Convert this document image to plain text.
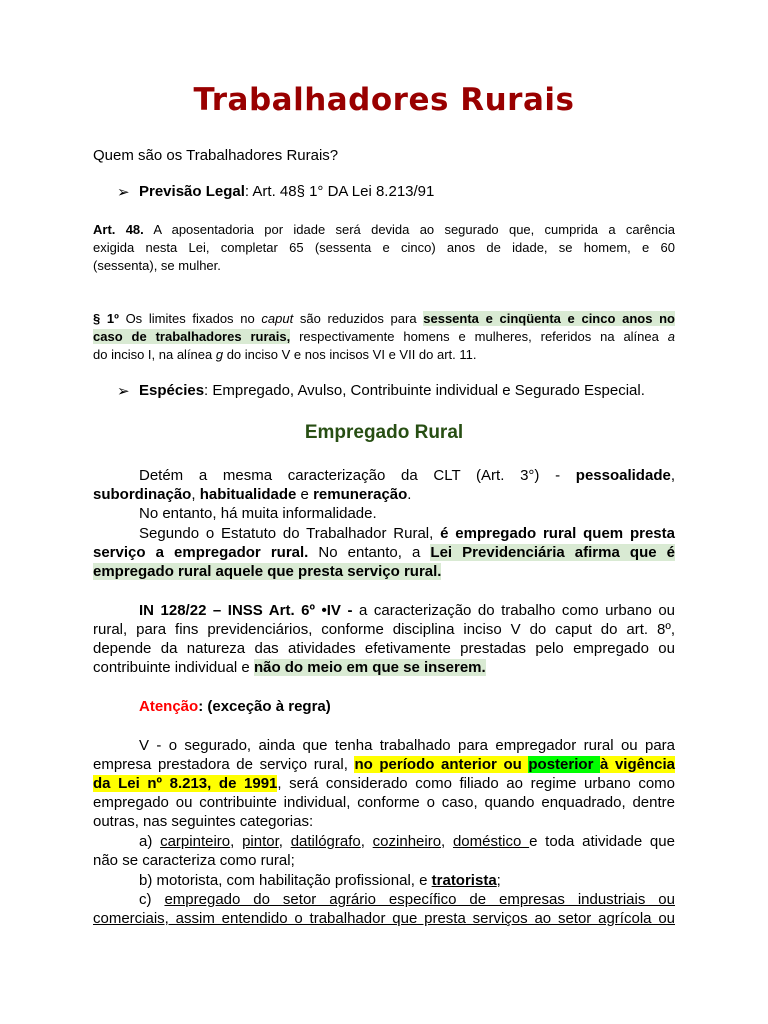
Trabalhadores Rurais
Quem são os Trabalhadores Rurais?
➢ Previsão Legal: Art. 48§ 1° DA Lei 8.213/91
Art. 48. A aposentadoria por idade será devida ao segurado que, cumprida a carência
exigida nesta Lei, completar 65 (sessenta e cinco) anos de idade, se homem, e 60
(sessenta), se mulher.
§ 1º Os limites fixados no caput são reduzidos para sessenta e cinqüenta e cinco anos no
caso de trabalhadores rurais, respectivamente homens e mulheres, referidos na alínea a
do inciso I, na alínea g do inciso V e nos incisos VI e VII do art. 11.
➢ Espécies: Empregado, Avulso, Contribuinte individual e Segurado Especial.
Empregado Rural
Detém a mesma caracterização da CLT (Art. 3°) - pessoalidade,
subordinação, habitualidade e remuneração.
No entanto, há muita informalidade.
Segundo o Estatuto do Trabalhador Rural, é empregado rural quem presta
serviço a empregador rural. No entanto, a Lei Previdenciária afirma que é
empregado rural aquele que presta serviço rural.
IN 128/22 – INSS Art. 6º •IV - a caracterização do trabalho como urbano ou
rural, para fins previdenciários, conforme disciplina inciso V do caput do art. 8º,
depende da natureza das atividades efetivamente prestadas pelo empregado ou
contribuinte individual e não do meio em que se inserem.
Atenção: (exceção à regra)
V - o segurado, ainda que tenha trabalhado para empregador rural ou para
empresa prestadora de serviço rural, no período anterior ou posterior à vigência
da Lei nº 8.213, de 1991, será considerado como filiado ao regime urbano como
empregado ou contribuinte individual, conforme o caso, quando enquadrado, dentre
outras, nas seguintes categorias:
a) carpinteiro, pintor, datilógrafo, cozinheiro, doméstico e toda atividade que
não se caracteriza como rural;
b) motorista, com habilitação profissional, e tratorista;
c) empregado do setor agrário específico de empresas industriais ou
comerciais, assim entendido o trabalhador que presta serviços ao setor agrícola ou
